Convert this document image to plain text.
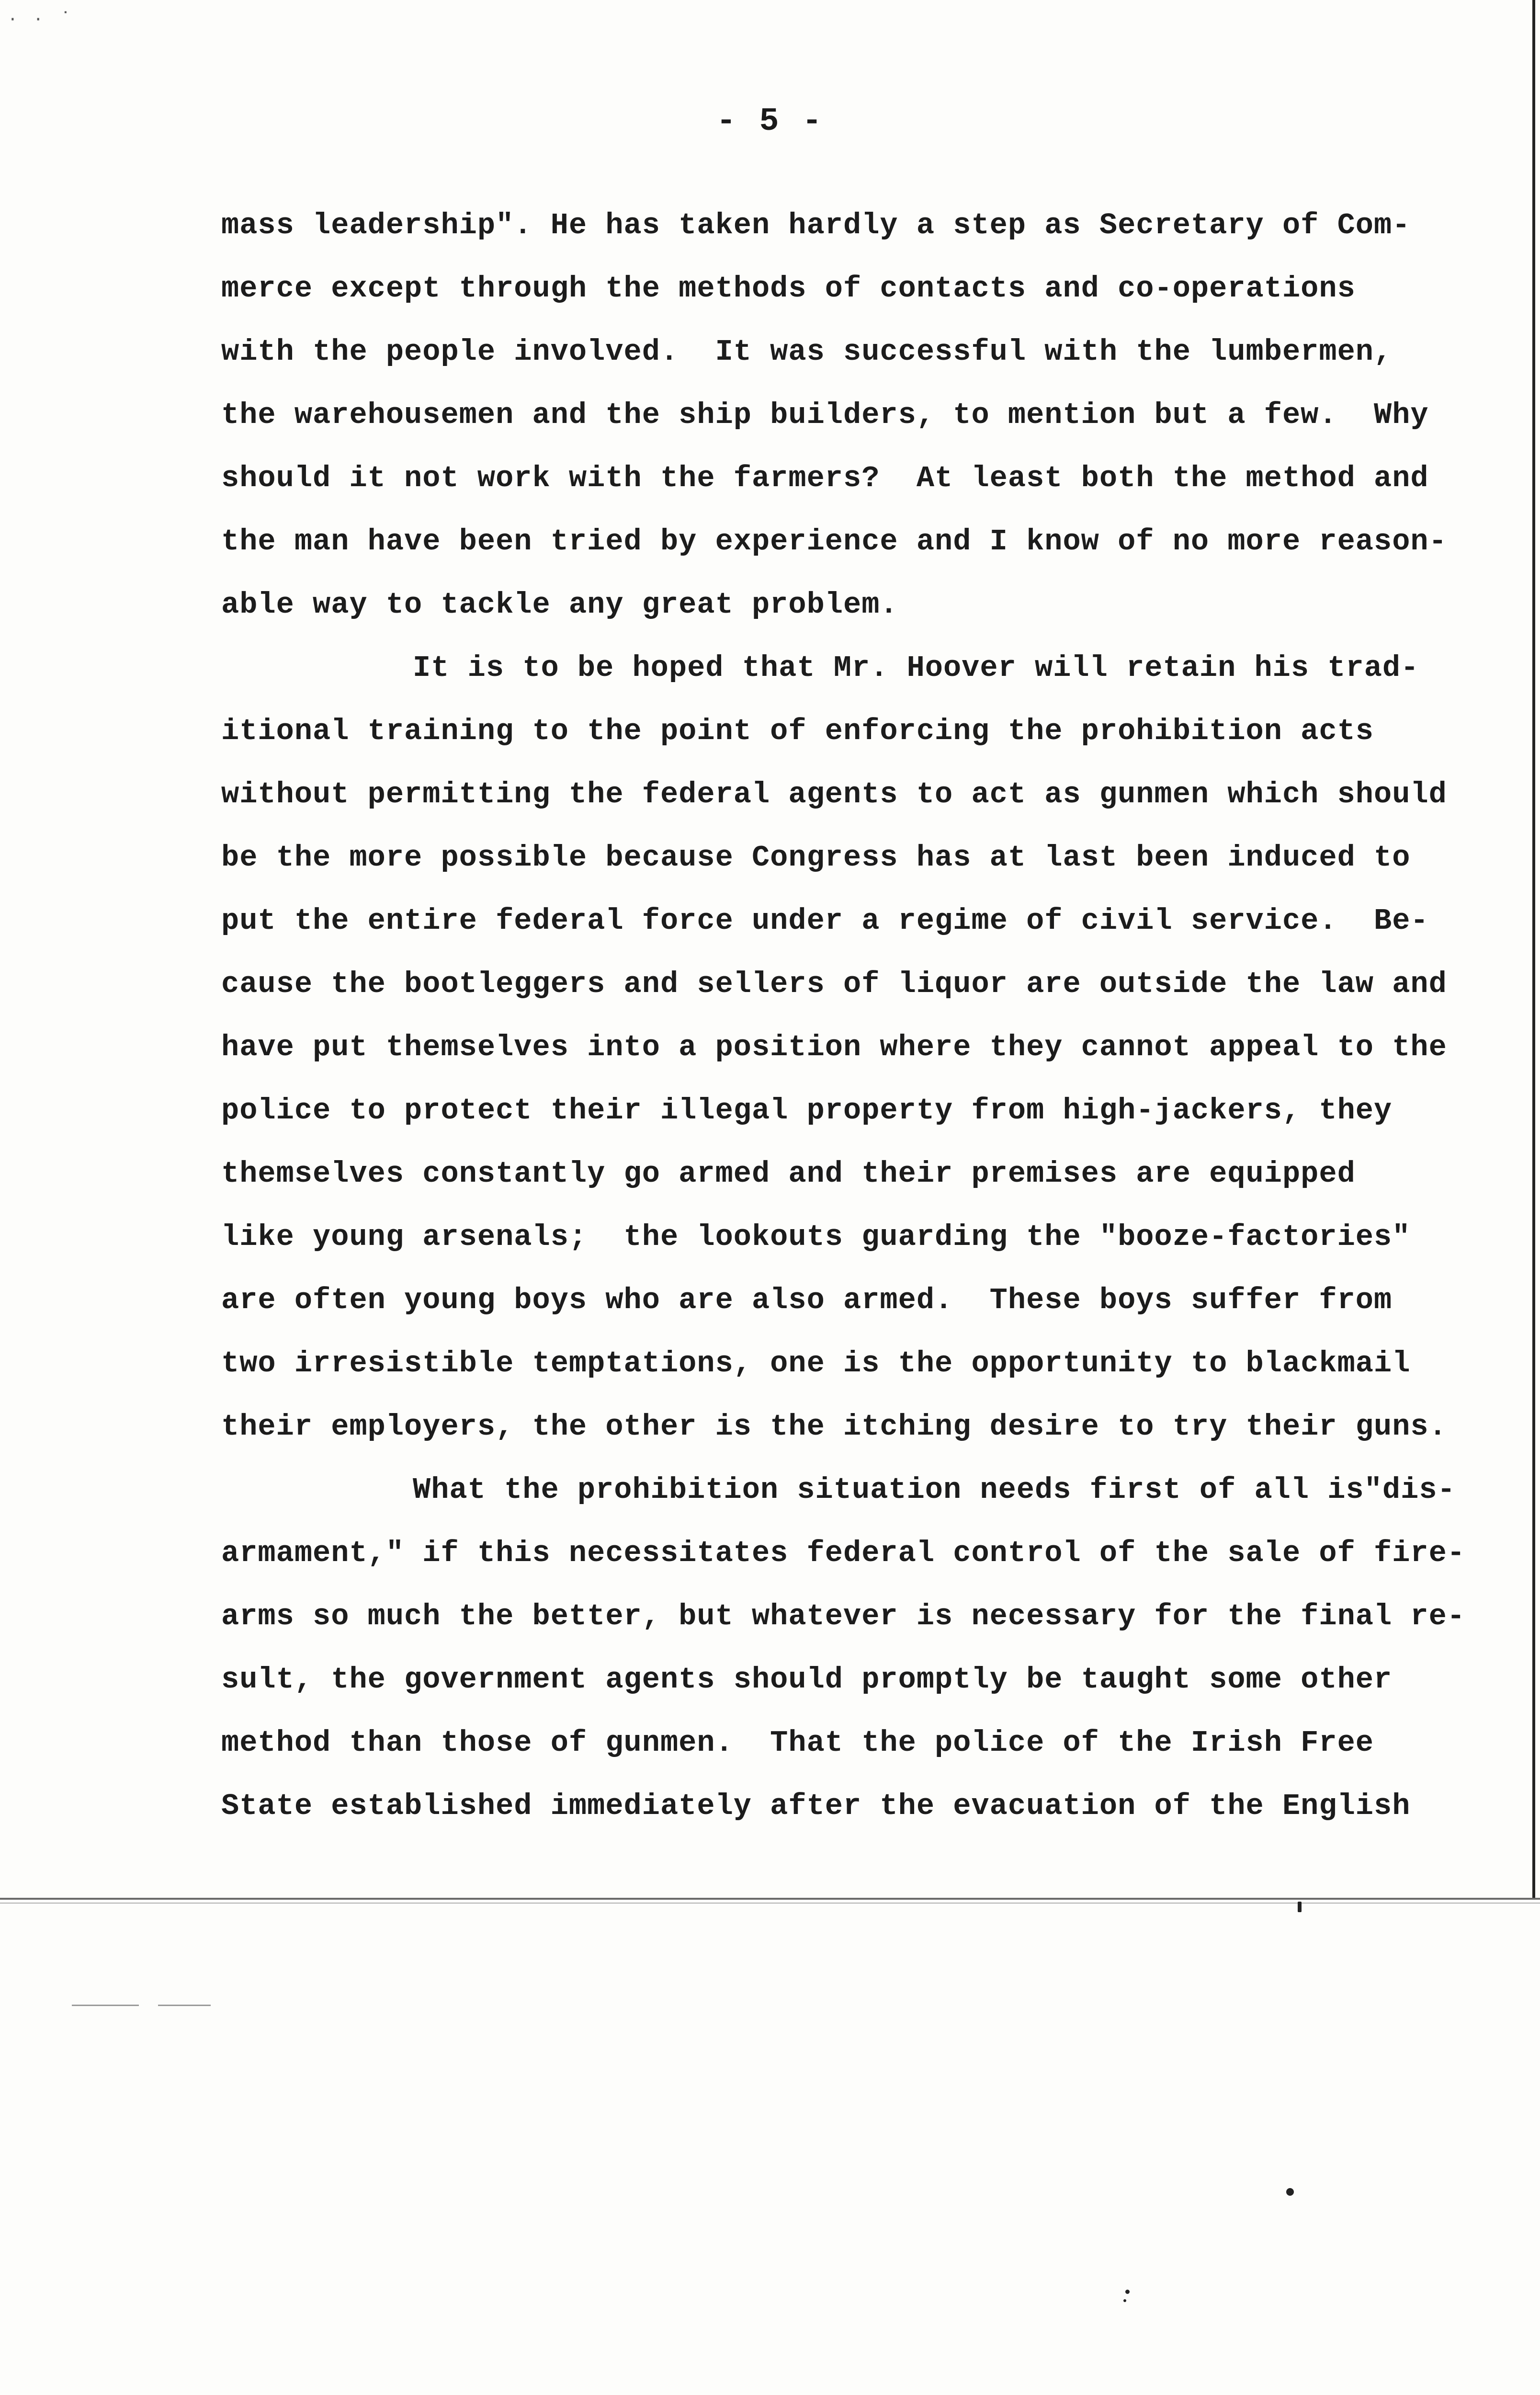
· · ˙
- 5 -
mass leadership". He has taken hardly a step as Secretary of Com-
merce except through the methods of contacts and co-operations
with the people involved.  It was successful with the lumbermen,
the warehousemen and the ship builders, to mention but a few.  Why
should it not work with the farmers?  At least both the method and
the man have been tried by experience and I know of no more reason-
able way to tackle any great problem.
It is to be hoped that Mr. Hoover will retain his trad-
itional training to the point of enforcing the prohibition acts
without permitting the federal agents to act as gunmen which should
be the more possible because Congress has at last been induced to
put the entire federal force under a regime of civil service.  Be-
cause the bootleggers and sellers of liquor are outside the law and
have put themselves into a position where they cannot appeal to the
police to protect their illegal property from high-jackers, they
themselves constantly go armed and their premises are equipped
like young arsenals;  the lookouts guarding the "booze-factories"
are often young boys who are also armed.  These boys suffer from
two irresistible temptations, one is the opportunity to blackmail
their employers, the other is the itching desire to try their guns.
What the prohibition situation needs first of all is"dis-
armament," if this necessitates federal control of the sale of fire-
arms so much the better, but whatever is necessary for the final re-
sult, the government agents should promptly be taught some other
method than those of gunmen.  That the police of the Irish Free
State established immediately after the evacuation of the English
